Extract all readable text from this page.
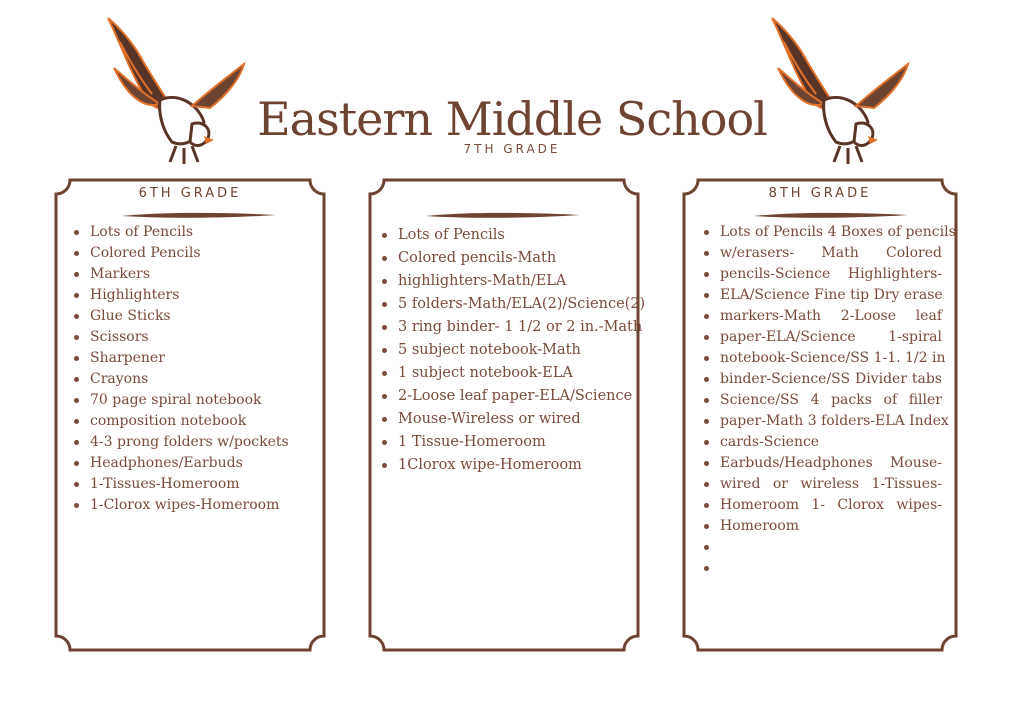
Eastern Middle School
7TH GRADE
6TH GRADE
Lots of Pencils
Colored Pencils
Markers
Highlighters
Glue Sticks
Scissors
Sharpener
Crayons
70 page spiral notebook
composition notebook
4-3 prong folders w/pockets
Headphones/Earbuds
1-Tissues-Homeroom
1-Clorox wipes-Homeroom
Lots of Pencils
Colored pencils-Math
highlighters-Math/ELA
5 folders-Math/ELA(2)/Science(2)
3 ring binder- 1 1/2 or 2 in.-Math
5 subject notebook-Math
1 subject notebook-ELA
2-Loose leaf paper-ELA/Science
Mouse-Wireless or wired
1 Tissue-Homeroom
1Clorox wipe-Homeroom
8TH GRADE
Lots of Pencils 4 Boxes of pencils
w/erasers- Math Colored
pencils-Science Highlighters-
ELA/Science Fine tip Dry erase
markers-Math 2-Loose leaf
paper-ELA/Science 1-spiral
notebook-Science/SS 1-1. 1/2 in
binder-Science/SS Divider tabs
Science/SS 4 packs of filler
paper-Math 3 folders-ELA Index
cards-Science
Earbuds/Headphones Mouse-
wired or wireless 1-Tissues-
Homeroom 1- Clorox wipes-
Homeroom
